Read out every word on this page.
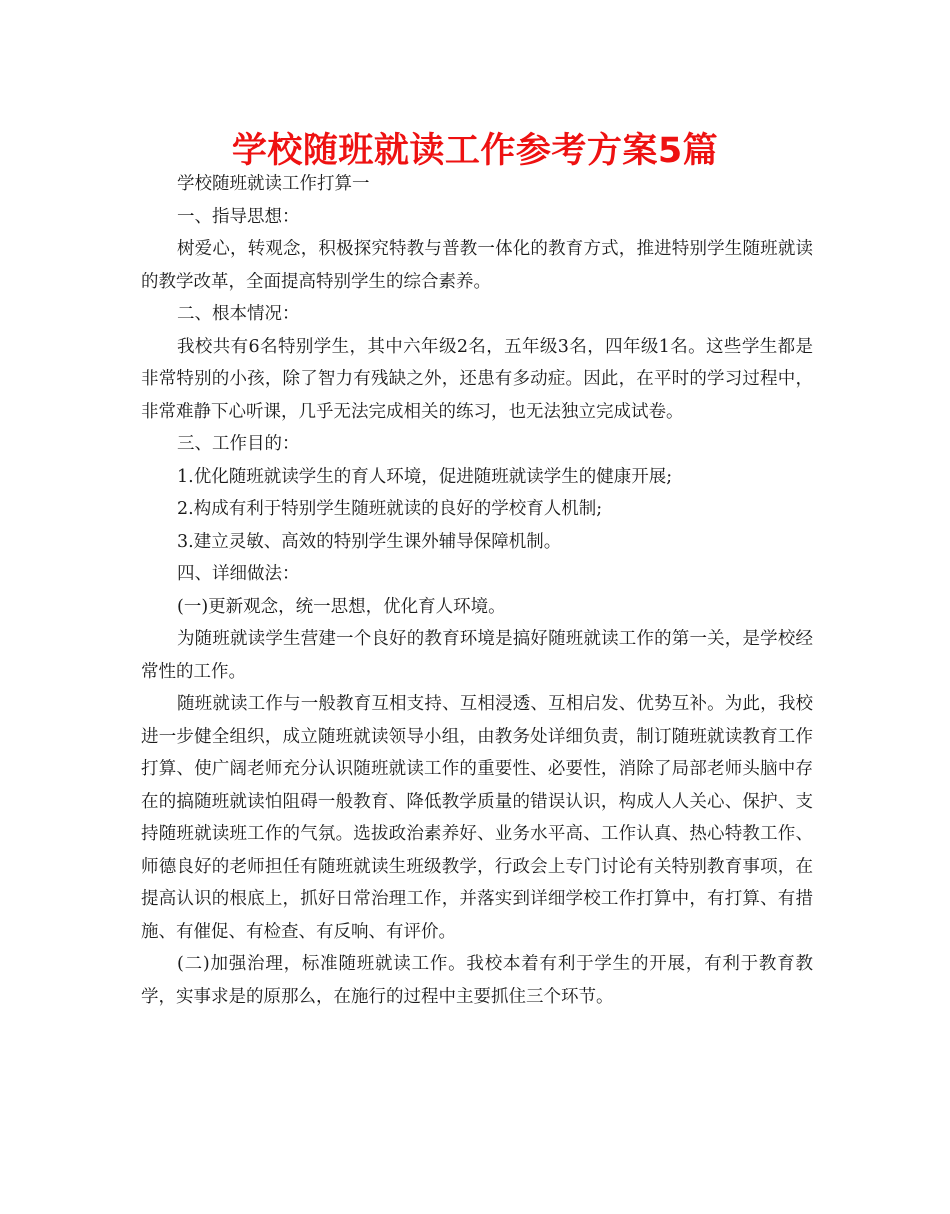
学校随班就读工作参考方案5篇

学校随班就读工作打算一

一、指导思想：

树爱心，转观念，积极探究特教与普教一体化的教育方式，推进特别学生随班就读的教学改革，全面提高特别学生的综合素养。

二、根本情况：

我校共有6名特别学生，其中六年级2名，五年级3名，四年级1名。这些学生都是非常特别的小孩，除了智力有残缺之外，还患有多动症。因此，在平时的学习过程中，非常难静下心听课，几乎无法完成相关的练习，也无法独立完成试卷。

三、工作目的：

1.优化随班就读学生的育人环境，促进随班就读学生的健康开展;

2.构成有利于特别学生随班就读的良好的学校育人机制;

3.建立灵敏、高效的特别学生课外辅导保障机制。

四、详细做法：

(一)更新观念，统一思想，优化育人环境。

为随班就读学生营建一个良好的教育环境是搞好随班就读工作的第一关，是学校经常性的工作。

随班就读工作与一般教育互相支持、互相浸透、互相启发、优势互补。为此，我校进一步健全组织，成立随班就读领导小组，由教务处详细负责，制订随班就读教育工作打算、使广阔老师充分认识随班就读工作的重要性、必要性，消除了局部老师头脑中存在的搞随班就读怕阻碍一般教育、降低教学质量的错误认识，构成人人关心、保护、支持随班就读班工作的气氛。选拔政治素养好、业务水平高、工作认真、热心特教工作、师德良好的老师担任有随班就读生班级教学，行政会上专门讨论有关特别教育事项，在提高认识的根底上，抓好日常治理工作，并落实到详细学校工作打算中，有打算、有措施、有催促、有检查、有反响、有评价。

(二)加强治理，标准随班就读工作。我校本着有利于学生的开展，有利于教育教学，实事求是的原那么，在施行的过程中主要抓住三个环节。
